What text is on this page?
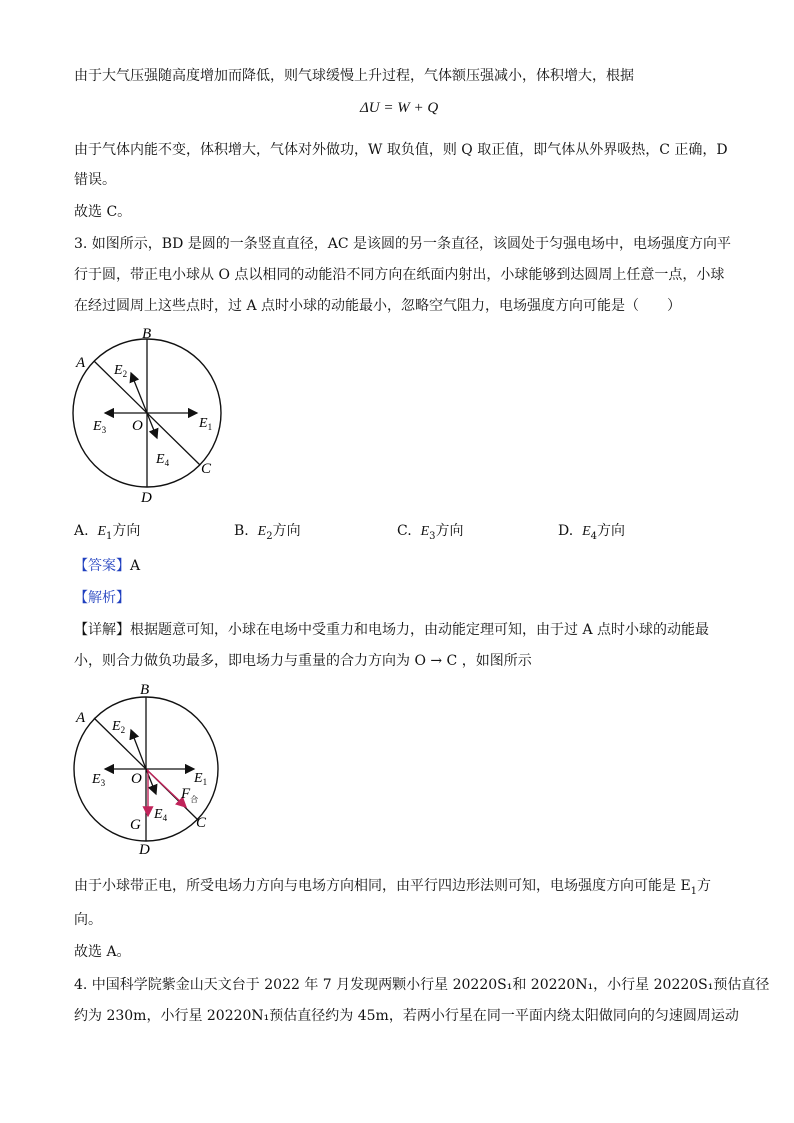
由于大气压强随高度增加而降低，则气球缓慢上升过程，气体额压强减小，体积增大，根据
ΔU = W + Q
由于气体内能不变，体积增大，气体对外做功，W 取负值，则 Q 取正值，即气体从外界吸热，C 正确，D
错误。
故选 C。
3. 如图所示，BD 是圆的一条竖直直径，AC 是该圆的另一条直径，该圆处于匀强电场中，电场强度方向平
行于圆，带正电小球从 O 点以相同的动能沿不同方向在纸面内射出，小球能够到达圆周上任意一点，小球
在经过圆周上这些点时，过 A 点时小球的动能最小，忽略空气阻力，电场强度方向可能是（　　）
B
A $E_2$
$E_3$ O	$E_1$
$E_4$ C
D
A. $E_1$方向	B. $E_2$方向	C. $E_3$方向	D. $E_4$方向
【答案】A
【解析】
【详解】根据题意可知，小球在电场中受重力和电场力，由动能定理可知，由于过 A 点时小球的动能最
小，则合力做负功最多，即电场力与重量的合力方向为 O → C ，如图所示
B
A
$E_2$
$E_3$ O	$E_1$
$F_合$
$E_4$
G	C
D
由于小球带正电，所受电场力方向与电场方向相同，由平行四边形法则可知，电场强度方向可能是 $E_1$方
向。
故选 A。
4. 中国科学院紫金山天文台于 2022 年 7 月发现两颗小行星 20220S₁和 20220N₁，小行星 20220S₁预估直径
约为 230m，小行星 20220N₁预估直径约为 45m，若两小行星在同一平面内绕太阳做同向的匀速圆周运动
